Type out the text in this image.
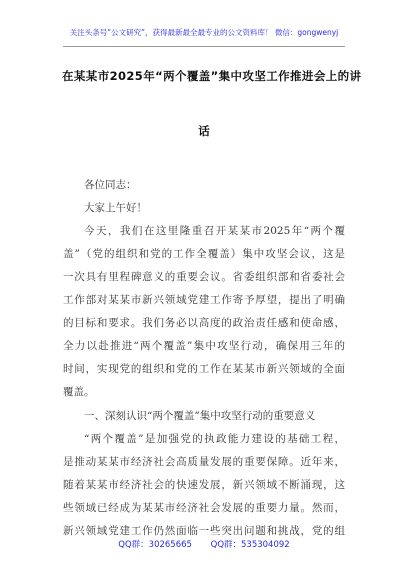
关注头条号“公文研究”，获得最新最全最专业的公文资料库！ 微信：gongwenyj
在某某市2025年“两个覆盖”集中攻坚工作推进会上的讲
话
各位同志：
大家上午好！
今天，我们在这里隆重召开某某市2025年“两个覆
盖”（党的组织和党的工作全覆盖）集中攻坚会议，这是
一次具有里程碑意义的重要会议。省委组织部和省委社会
工作部对某某市新兴领域党建工作寄予厚望，提出了明确
的目标和要求。我们务必以高度的政治责任感和使命感，
全力以赴推进“两个覆盖”集中攻坚行动，确保用三年的
时间，实现党的组织和党的工作在某某市新兴领域的全面
覆盖。
一、深刻认识“两个覆盖”集中攻坚行动的重要意义
“两个覆盖”是加强党的执政能力建设的基础工程，
是推动某某市经济社会高质量发展的重要保障。近年来，
随着某某市经济社会的快速发展，新兴领域不断涌现，这
些领域已经成为某某市经济社会发展的重要力量。然而，
新兴领域党建工作仍然面临一些突出问题和挑战，党的组
QQ群：30265665 QQ群：535304092
